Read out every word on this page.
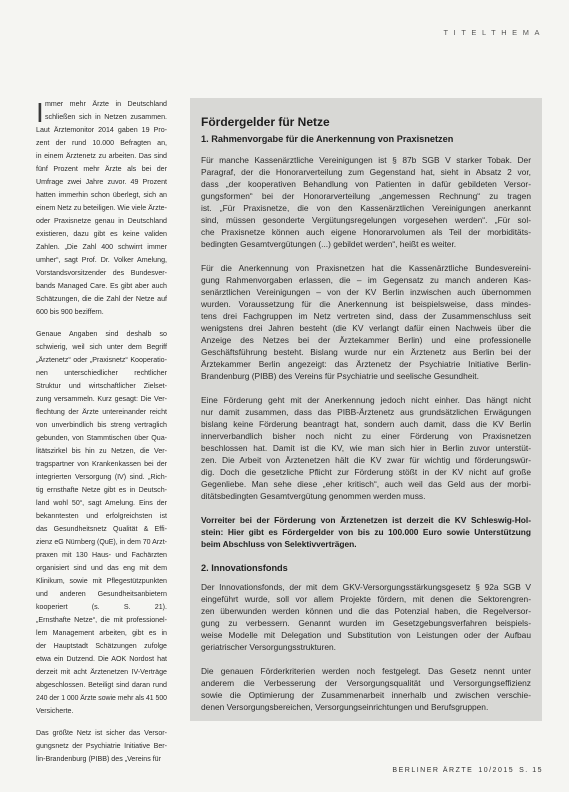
TITELTHEMA
I mmer mehr Ärzte in Deutschland
schließen sich in Netzen zusammen.
Laut Ärztemonitor 2014 gaben 19 Pro-
zent der rund 10.000 Befragten an,
in einem Ärztenetz zu arbeiten. Das sind
fünf Prozent mehr Ärzte als bei der
Umfrage zwei Jahre zuvor. 49 Prozent
hatten immerhin schon überlegt, sich an
einem Netz zu beteiligen. Wie viele Ärzte-
oder Praxisnetze genau in Deutschland
existieren, dazu gibt es keine validen
Zahlen. „Die Zahl 400 schwirrt immer
umher“, sagt Prof. Dr. Volker Amelung,
Vorstandsvorsitzender des Bundesver-
bands Managed Care. Es gibt aber auch
Schätzungen, die die Zahl der Netze auf
600 bis 900 beziffern.
Genaue Angaben sind deshalb so
schwierig, weil sich unter dem Begriff
„Ärztenetz“ oder „Praxisnetz“ Kooperatio-
nen unterschiedlicher rechtlicher
Struktur und wirtschaftlicher Zielset-
zung versammeln. Kurz gesagt: Die Ver-
flechtung der Ärzte untereinander reicht
von unverbindlich bis streng vertraglich
gebunden, von Stammtischen über Qua-
litätszirkel bis hin zu Netzen, die Ver-
tragspartner von Krankenkassen bei der
integrierten Versorgung (IV) sind. „Rich-
tig ernsthafte Netze gibt es in Deutsch-
land wohl 50“, sagt Amelung. Eins der
bekanntesten und erfolgreichsten ist
das Gesundheitsnetz Qualität & Effi-
zienz eG Nürnberg (QuE), in dem 70 Arzt-
praxen mit 130 Haus- und Fachärzten
organisiert sind und das eng mit dem
Klinikum, sowie mit Pflegestützpunkten
und anderen Gesundheitsanbietern
kooperiert (s. S. 21).
„Ernsthafte Netze“, die mit professionel-
lem Management arbeiten, gibt es in
der Hauptstadt Schätzungen zufolge
etwa ein Dutzend. Die AOK Nordost hat
derzeit mit acht Ärztenetzen IV-Verträge
abgeschlossen. Beteiligt sind daran rund
240 der 1 000 Ärzte sowie mehr als 41 500
Versicherte.
Das größte Netz ist sicher das Versor-
gungsnetz der Psychiatrie Initiative Ber-
lin-Brandenburg (PIBB) des „Vereins für
Fördergelder für Netze
1. Rahmenvorgabe für die Anerkennung von Praxisnetzen
Für manche Kassenärztliche Vereinigungen ist § 87b SGB V starker Tobak. Der
Paragraf, der die Honorarverteilung zum Gegenstand hat, sieht in Absatz 2 vor,
dass „der kooperativen Behandlung von Patienten in dafür gebildeten Versor-
gungsformen“ bei der Honorarverteilung „angemessen Rechnung“ zu tragen
ist. „Für Praxisnetze, die von den Kassenärztlichen Vereinigungen anerkannt
sind, müssen gesonderte Vergütungsregelungen vorgesehen werden“. „Für sol-
che Praxisnetze können auch eigene Honorarvolumen als Teil der morbiditäts-
bedingten Gesamtvergütungen (...) gebildet werden“, heißt es weiter.
Für die Anerkennung von Praxisnetzen hat die Kassenärztliche Bundesvereini-
gung Rahmenvorgaben erlassen, die – im Gegensatz zu manch anderen Kas-
senärztlichen Vereinigungen – von der KV Berlin inzwischen auch übernommen
wurden. Voraussetzung für die Anerkennung ist beispielsweise, dass mindes-
tens drei Fachgruppen im Netz vertreten sind, dass der Zusammenschluss seit
wenigstens drei Jahren besteht (die KV verlangt dafür einen Nachweis über die
Anzeige des Netzes bei der Ärztekammer Berlin) und eine professionelle
Geschäftsführung besteht. Bislang wurde nur ein Ärztenetz aus Berlin bei der
Ärztekammer Berlin angezeigt: das Ärztenetz der Psychiatrie Initiative Berlin-
Brandenburg (PIBB) des Vereins für Psychiatrie und seelische Gesundheit.
Eine Förderung geht mit der Anerkennung jedoch nicht einher. Das hängt nicht
nur damit zusammen, dass das PIBB-Ärztenetz aus grundsätzlichen Erwägungen
bislang keine Förderung beantragt hat, sondern auch damit, dass die KV Berlin
innerverbandlich bisher noch nicht zu einer Förderung von Praxisnetzen
beschlossen hat. Damit ist die KV, wie man sich hier in Berlin zuvor unterstüt-
zen. Die Arbeit von Ärztenetzen hält die KV zwar für wichtig und förderungswür-
dig. Doch die gesetzliche Pflicht zur Förderung stößt in der KV nicht auf große
Gegenliebe. Man sehe diese „eher kritisch“, auch weil das Geld aus der morbi-
ditätsbedingten Gesamtvergütung genommen werden muss.
Vorreiter bei der Förderung von Ärztenetzen ist derzeit die KV Schleswig-Hol-
stein: Hier gibt es Fördergelder von bis zu 100.000 Euro sowie Unterstützung
beim Abschluss von Selektivverträgen.
2. Innovationsfonds
Der Innovationsfonds, der mit dem GKV-Versorgungsstärkungsgesetz § 92a SGB V
eingeführt wurde, soll vor allem Projekte fördern, mit denen die Sektorengren-
zen überwunden werden können und die das Potenzial haben, die Regelversor-
gung zu verbessern. Genannt wurden im Gesetzgebungsverfahren beispiels-
weise Modelle mit Delegation und Substitution von Leistungen oder der Aufbau
geriatrischer Versorgungsstrukturen.
Die genauen Förderkriterien werden noch festgelegt. Das Gesetz nennt unter
anderem die Verbesserung der Versorgungsqualität und Versorgungseffizienz
sowie die Optimierung der Zusammenarbeit innerhalb und zwischen verschie-
denen Versorgungsbereichen, Versorgungseinrichtungen und Berufsgruppen.
BERLINER ÄRZTE 10/2015 S. 15
